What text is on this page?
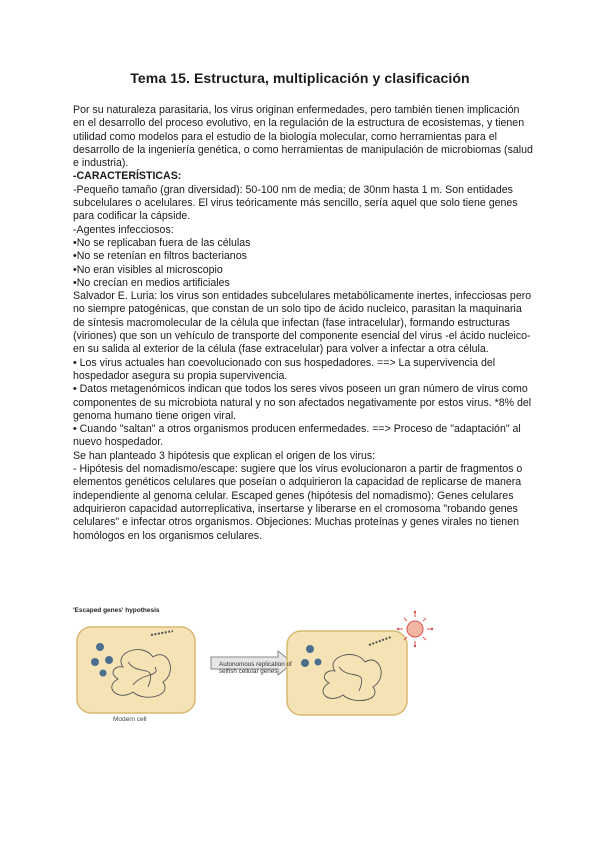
Tema 15. Estructura, multiplicación y clasificación

Por su naturaleza parasitaria, los virus originan enfermedades, pero también tienen implicación en el desarrollo del proceso evolutivo, en la regulación de la estructura de ecosistemas, y tienen utilidad como modelos para el estudio de la biología molecular, como herramientas para el desarrollo de la ingeniería genética, o como herramientas de manipulación de microbiomas (salud e industria).

-CARACTERÍSTICAS:

-Pequeño tamaño (gran diversidad): 50-100 nm de media; de 30nm hasta 1 m. Son entidades subcelulares o acelulares. El virus teóricamente más sencillo, sería aquel que solo tiene genes para codificar la cápside.

-Agentes infecciosos:

•No se replicaban fuera de las células

•No se retenían en filtros bacterianos

•No eran visibles al microscopio

•No crecían en medios artificiales

Salvador E. Luria: los virus son entidades subcelulares metabólicamente inertes, infecciosas pero no siempre patogénicas, que constan de un solo tipo de ácido nucleico, parasitan la maquinaria de síntesis macromolecular de la célula que infectan (fase intracelular), formando estructuras (viriones) que son un vehículo de transporte del componente esencial del virus -el ácido nucleico- en su salida al exterior de la célula (fase extracelular) para volver a infectar a otra célula.

• Los virus actuales han coevolucionado con sus hospedadores. ==> La supervivencia del hospedador asegura su propia supervivencia.

• Datos metagenómicos indican que todos los seres vivos poseen un gran número de virus como componentes de su microbiota natural y no son afectados negativamente por estos virus. *8% del genoma humano tiene origen viral.

• Cuando "saltan" a otros organismos producen enfermedades. ==> Proceso de "adaptación" al nuevo hospedador.

Se han planteado 3 hipótesis que explican el origen de los virus:

- Hipótesis del nomadismo/escape: sugiere que los virus evolucionaron a partir de fragmentos o elementos genéticos celulares que poseían o adquirieron la capacidad de replicarse de manera independiente al genoma celular. Escaped genes (hipótesis del nomadismo): Genes celulares adquirieron capacidad autorreplicativa, insertarse y liberarse en el cromosoma "robando genes celulares" e infectar otros organismos. Objeciones: Muchas proteínas y genes virales no tienen homólogos en los organismos celulares.

'Escaped genes' hypothesis
Autonomous replication of selfish cellular genes
Modern cell
